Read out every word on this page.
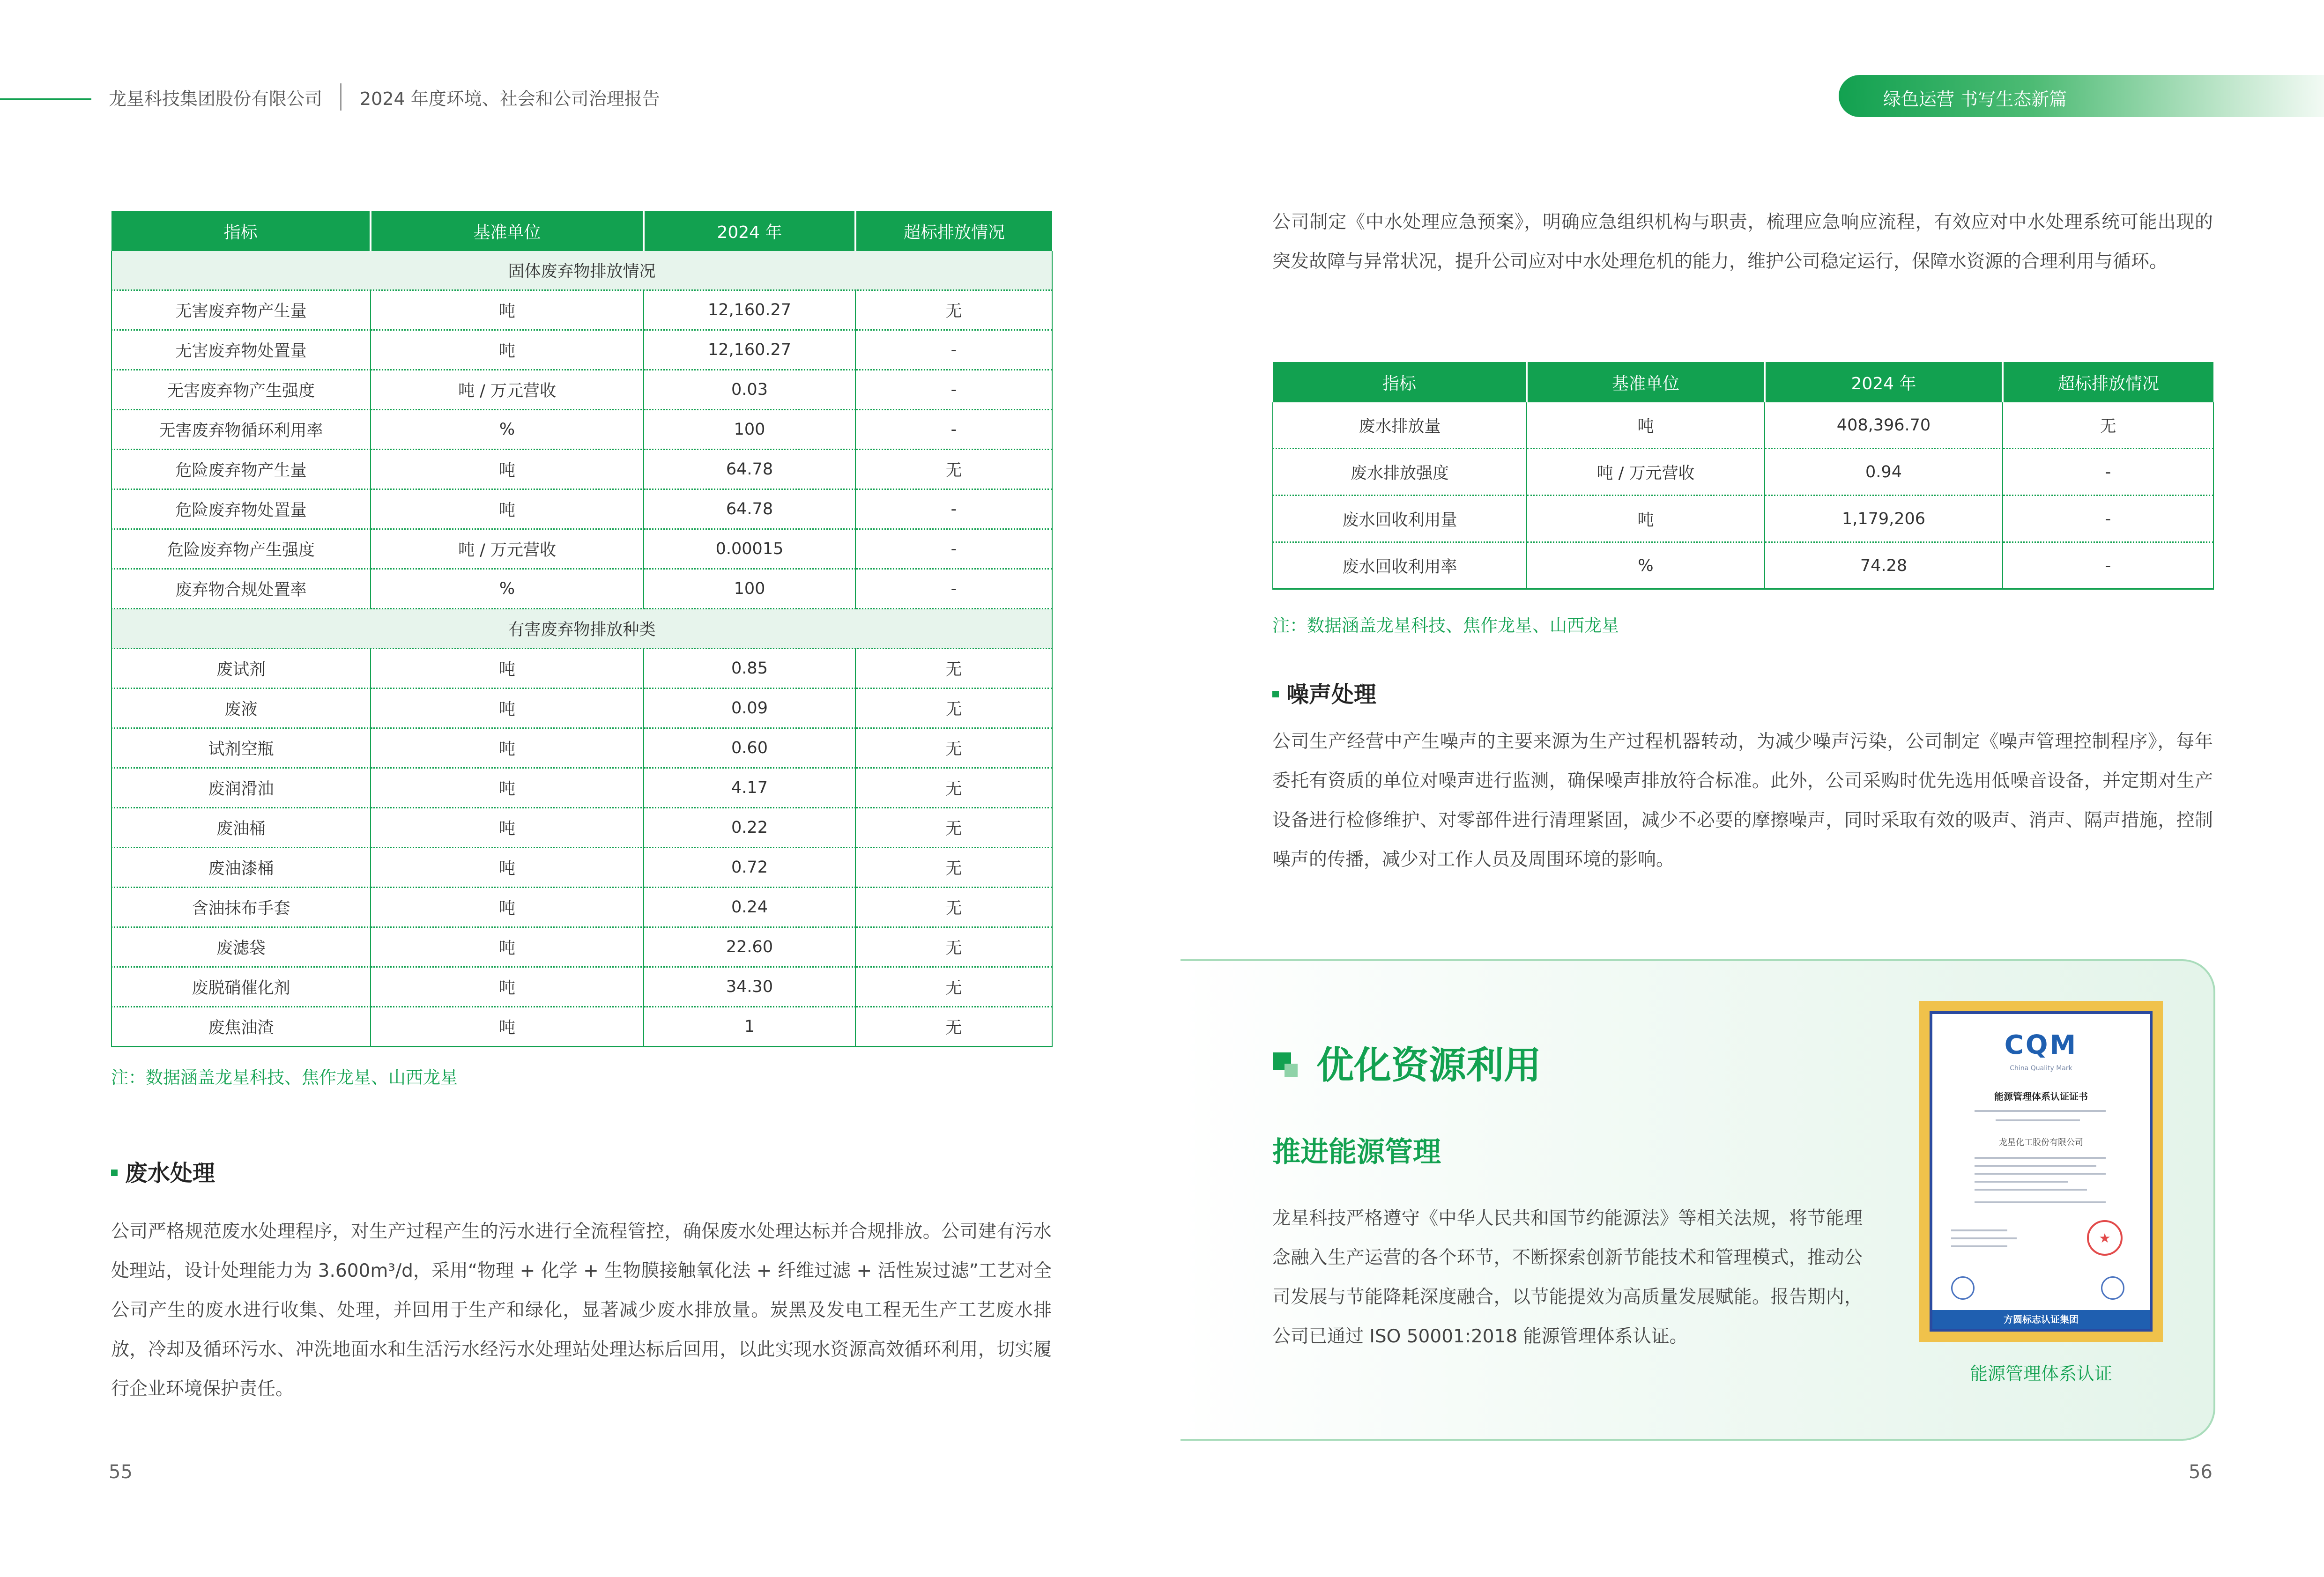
龙星科技集团股份有限公司 2024 年度环境、社会和公司治理报告	绿色运营 书写生态新篇
指标	基准单位	2024 年	超标排放情况
固体废弃物排放情况			
无害废弃物产生量	吨	12,160.27	无
无害废弃物处置量	吨	12,160.27	-
无害废弃物产生强度	吨 / 万元营收	0.03	-
无害废弃物循环利用率	%	100	-
危险废弃物产生量	吨	64.78	无
危险废弃物处置量	吨	64.78	-
危险废弃物产生强度	吨 / 万元营收	0.00015	-
废弃物合规处置率	%	100	-
有害废弃物排放种类			
废试剂	吨	0.85	无
废液	吨	0.09	无
试剂空瓶	吨	0.60	无
废润滑油	吨	4.17	无
废油桶	吨	0.22	无
废油漆桶	吨	0.72	无
含油抹布手套	吨	0.24	无
废滤袋	吨	22.60	无
废脱硝催化剂	吨	34.30	无
废焦油渣	吨	1	无
注：数据涵盖龙星科技、焦作龙星、山西龙星
废水处理
公司严格规范废水处理程序，对生产过程产生的污水进行全流程管控，确保废水处理达标并合规排放。公司建有污水处理站，设计处理能力为 3.600m³/d，采用“物理 + 化学 + 生物膜接触氧化法 + 纤维过滤 + 活性炭过滤”工艺对全公司产生的废水进行收集、处理，并回用于生产和绿化，显著减少废水排放量。炭黑及发电工程无生产工艺废水排放，冷却及循环污水、冲洗地面水和生活污水经污水处理站处理达标后回用，以此实现水资源高效循环利用，切实履行企业环境保护责任。
公司制定《中水处理应急预案》，明确应急组织机构与职责，梳理应急响应流程，有效应对中水处理系统可能出现的突发故障与异常状况，提升公司应对中水处理危机的能力，维护公司稳定运行，保障水资源的合理利用与循环。
指标	基准单位	2024 年	超标排放情况
废水排放量	吨	408,396.70	无
废水排放强度	吨 / 万元营收	0.94	-
废水回收利用量	吨	1,179,206	-
废水回收利用率	%	74.28	-
注：数据涵盖龙星科技、焦作龙星、山西龙星
噪声处理
公司生产经营中产生噪声的主要来源为生产过程机器转动，为减少噪声污染，公司制定《噪声管理控制程序》，每年委托有资质的单位对噪声进行监测，确保噪声排放符合标准。此外，公司采购时优先选用低噪音设备，并定期对生产设备进行检修维护、对零部件进行清理紧固，减少不必要的摩擦噪声，同时采取有效的吸声、消声、隔声措施，控制噪声的传播，减少对工作人员及周围环境的影响。
优化资源利用
推进能源管理
龙星科技严格遵守《中华人民共和国节约能源法》等相关法规，将节能理念融入生产运营的各个环节，不断探索创新节能技术和管理模式，推动公司发展与节能降耗深度融合，以节能提效为高质量发展赋能。报告期内，公司已通过 ISO 50001:2018 能源管理体系认证。
CQM
China Quality Mark
能源管理体系认证证书
龙星化工股份有限公司
★
方圆标志认证集团
能源管理体系认证
55	56
